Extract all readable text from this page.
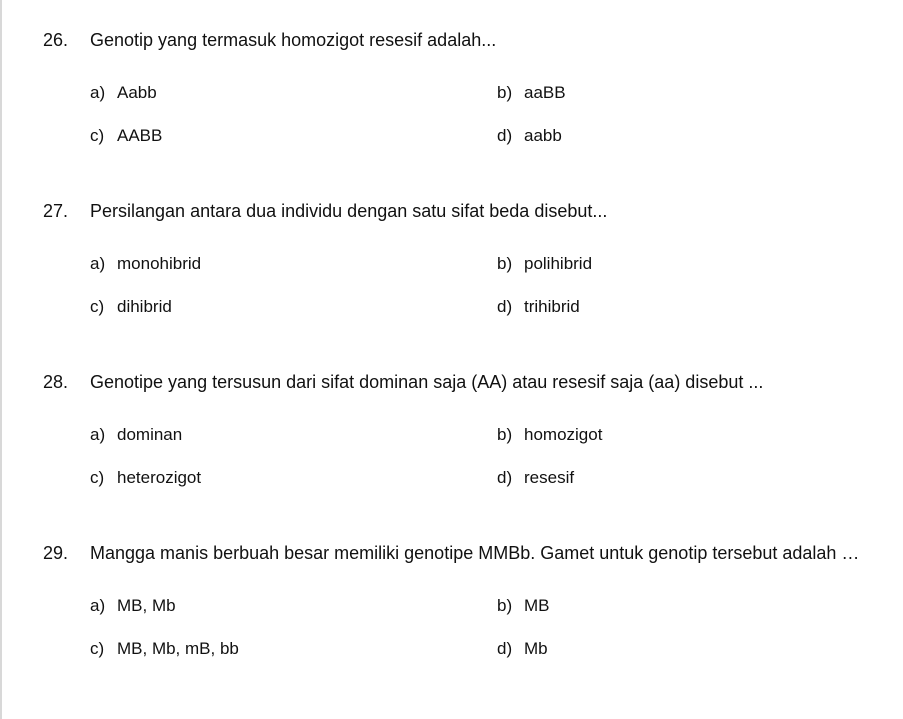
26. Genotip yang termasuk homozigot resesif adalah...
a) Aabb	b) aaBB
c) AABB	d) aabb
27. Persilangan antara dua individu dengan satu sifat beda disebut...
a) monohibrid	b) polihibrid
c) dihibrid	d) trihibrid
28. Genotipe yang tersusun dari sifat dominan saja (AA) atau resesif saja (aa) disebut ...
a) dominan	b) homozigot
c) heterozigot	d) resesif
29. Mangga manis berbuah besar memiliki genotipe MMBb. Gamet untuk genotip tersebut adalah …
a) MB, Mb	b) MB
c) MB, Mb, mB, bb	d) Mb
